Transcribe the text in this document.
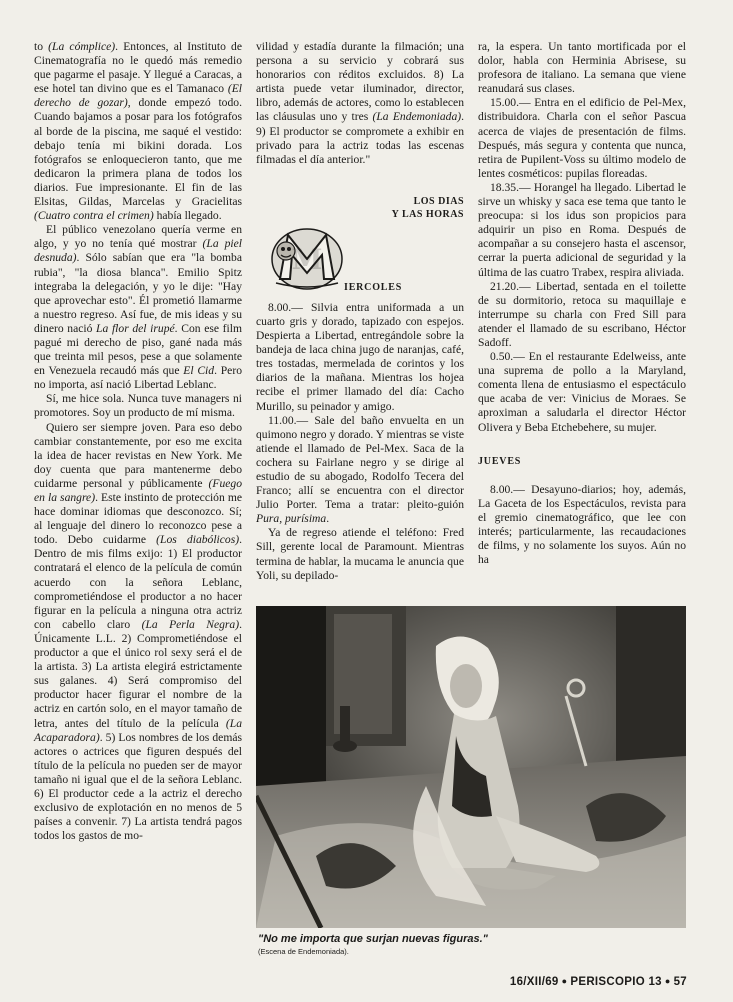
to (La cómplice). Entonces, al Instituto de Cinematografía no le quedó más remedio que pagarme el pasaje. Y llegué a Caracas, a ese hotel tan divino que es el Tamanaco (El derecho de gozar), donde empezó todo. Cuando bajamos a posar para los fotógrafos al borde de la piscina, me saqué el vestido: debajo tenía mi bikini dorada. Los fotógrafos se enloquecieron tanto, que me dedicaron la primera plana de todos los diarios. Fue impresionante. El fin de las Elsitas, Gildas, Marcelas y Gracielitas (Cuatro contra el crimen) había llegado.

El público venezolano quería verme en algo, y yo no tenía qué mostrar (La piel desnuda). Sólo sabían que era "la bomba rubia", "la diosa blanca". Emilio Spitz integraba la delegación, y yo le dije: "Hay que aprovechar esto". Él prometió llamarme a nuestro regreso. Así fue, de mis ideas y su dinero nació La flor del irupé. Con ese film pagué mi derecho de piso, gané nada más que treinta mil pesos, pese a que solamente en Venezuela recaudó más que El Cid. Pero no importa, así nació Libertad Leblanc.

Sí, me hice sola. Nunca tuve managers ni promotores. Soy un producto de mí misma.

Quiero ser siempre joven. Para eso debo cambiar constantemente, por eso me excita la idea de hacer revistas en New York. Me doy cuenta que para mantenerme debo cuidarme personal y públicamente (Fuego en la sangre). Este instinto de protección me hace dominar idiomas que desconozco. Sí; al lenguaje del dinero lo reconozco pese a todo. Debo cuidarme (Los diabólicos). Dentro de mis films exijo: 1) El productor contratará el elenco de la película de común acuerdo con la señora Leblanc, comprometiéndose el productor a no hacer figurar en la película a ninguna otra actriz con cabello claro (La Perla Negra). Únicamente L.L. 2) Comprometiéndose el productor a que el único rol sexy será el de la artista. 3) La artista elegirá estrictamente sus galanes. 4) Será compromiso del productor hacer figurar el nombre de la actriz en cartón solo, en el mayor tamaño de letra, antes del título de la película (La Acaparadora). 5) Los nombres de los demás actores o actrices que figuren después del título de la película no pueden ser de mayor tamaño ni igual que el de la señora Leblanc. 6) El productor cede a la actriz el derecho exclusivo de explotación en no menos de 5 países a convenir. 7) La artista tendrá pagos todos los gastos de mo-

vilidad y estadía durante la filmación; una persona a su servicio y cobrará sus honorarios con réditos excluidos. 8) La artista puede vetar iluminador, director, libro, además de actores, como lo establecen las cláusulas uno y tres (La Endemoniada). 9) El productor se compromete a exhibir en privado para la actriz todas las escenas filmadas el día anterior."

LOS DIAS
Y LAS HORAS
M
IERCOLES

8.00.— Silvia entra uniformada a un cuarto gris y dorado, tapizado con espejos. Despierta a Libertad, entregándole sobre la bandeja de laca china jugo de naranjas, café, tres tostadas, mermelada de corintos y los diarios de la mañana. Mientras los hojea recibe el primer llamado del día: Cacho Murillo, su peinador y amigo.

11.00.— Sale del baño envuelta en un quimono negro y dorado. Y mientras se viste atiende el llamado de Pel-Mex. Saca de la cochera su Fairlane negro y se dirige al estudio de su abogado, Rodolfo Tecera del Franco; allí se encuentra con el director Julio Porter. Tema a tratar: pleito-guión Pura, purísima.

Ya de regreso atiende el teléfono: Fred Sill, gerente local de Paramount. Mientras termina de hablar, la mucama le anuncia que Yoli, su depilado-

ra, la espera. Un tanto mortificada por el dolor, habla con Herminia Abrisese, su profesora de italiano. La semana que viene reanudará sus clases.

15.00.— Entra en el edificio de Pel-Mex, distribuidora. Charla con el señor Pascua acerca de viajes de presentación de films. Después, más segura y contenta que nunca, retira de Pupilent-Voss su último modelo de lentes cosméticos: pupilas floreadas.

18.35.— Horangel ha llegado. Libertad le sirve un whisky y saca ese tema que tanto le preocupa: si los idus son propicios para adquirir un piso en Roma. Después de acompañar a su consejero hasta el ascensor, cerrar la puerta adicional de seguridad y la última de las cuatro Trabex, respira aliviada.

21.20.— Libertad, sentada en el toilette de su dormitorio, retoca su maquillaje e interrumpe su charla con Fred Sill para atender el llamado de su escribano, Héctor Sadoff.

0.50.— En el restaurante Edelweiss, ante una suprema de pollo a la Maryland, comenta llena de entusiasmo el espectáculo que acaba de ver: Vinicius de Moraes. Se aproximan a saludarla el director Héctor Olivera y Beba Etchebehere, su mujer.

JUEVES

8.00.— Desayuno-diarios; hoy, además, La Gaceta de los Espectáculos, revista para el gremio cinematográfico, que lee con interés; particularmente, las recaudaciones de films, y no solamente los suyos. Aún no ha

"No me importa que surjan nuevas figuras."
(Escena de Endemoniada).
16/XII/69 ● PERISCOPIO 13 ● 57
